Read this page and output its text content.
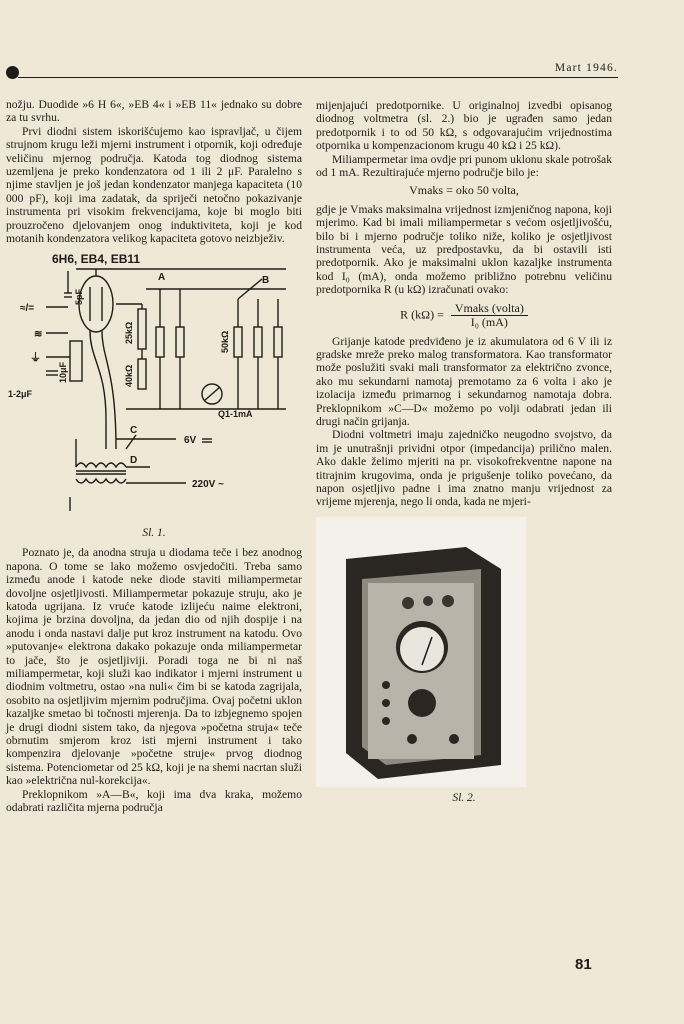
Mart 1946.

nožju. Duodide »6 H 6«, »EB 4« i »EB 11« jednako su dobre za tu svrhu.

Prvi diodni sistem iskorišćujemo kao ispravljač, u čijem strujnom krugu leži mjerni instrument i otpornik, koji određuje veličinu mjernog područja. Katoda tog diodnog sistema uzemljena je preko kondenzatora od 1 ili 2 μF. Paralelno s njime stavljen je još jedan kondenzator manjega kapaciteta (10 000 pF), koji ima zadatak, da spriječi netočno pokazivanje instrumenta pri visokim frekvencijama, koje bi moglo biti prouzročeno djelovanjem onog induktiviteta, koji je kod motanih kondenzatora velikog kapaciteta gotovo neizbježiv.

6H6, EB4, EB11
A	B
5pF
≈/=
≋
10μF
⏚
1-2μF
25kΩ
40kΩ
50kΩ
Q1-1mA
C
6V
D
220V ~
Sl. 1.

Poznato je, da anodna struja u diodama teče i bez anodnog napona. O tome se lako možemo osvjedočiti. Treba samo između anode i katode neke diode staviti miliampermetar dovoljne osjetljivosti. Miliampermetar pokazuje struju, ako je katoda ugrijana. Iz vruće katode izlijeću naime elektroni, kojima je brzina dovoljna, da jedan dio od njih dospije i na anodu i onda nastavi dalje put kroz instrument na katodu. Ovo »putovanje« elektrona dakako pokazuje onda miliampermetar to jače, što je osjetljiviji. Poradi toga ne bi ni naš miliampermetar, koji služi kao indikator i mjerni instrument u diodnim voltmetru, ostao »na nuli« čim bi se katoda zagrijala, osobito na osjetljivim mjernim područjima. Ovaj početni uklon kazaljke smetao bi točnosti mjerenja. Da to izbjegnemo spojen je drugi diodni sistem tako, da njegova »početna struja« teče obrnutim smjerom kroz isti mjerni instrument i tako kompenzira djelovanje »početne struje« prvog diodnog sistema. Potenciometar od 25 kΩ, koji je na shemi nacrtan služi kao »električna nul-korekcija«.

Preklopnikom »A—B«, koji ima dva kraka, možemo odabrati različita mjerna područja

mijenjajući predotpornike. U originalnoj izvedbi opisanog diodnog voltmetra (sl. 2.) bio je ugrađen samo jedan predotpornik i to od 50 kΩ, s odgovarajućim vrijednostima otpornika u kompenzacionom krugu 40 kΩ i 25 kΩ).

Miliampermetar ima ovdje pri punom uklonu skale potrošak od 1 mA. Rezultirajuće mjerno područje bilo je:

Vmaks = oko 50 volta,

gdje je Vmaks maksimalna vrijednost izmjeničnog napona, koji mjerimo. Kad bi imali miliampermetar s većom osjetljivošću, bilo bi i mjerno područje toliko niže, koliko je osjetljivost instrumenta veća, uz predpostavku, da bi ostavili isti predotpornik. Ako je maksimalni uklon kazaljke instrumenta kod I₀ (mA), onda možemo približno potrebnu veličinu predotpornika R (u kΩ) izračunati ovako:

R $(k\Omega) = \frac{\text{Vmaks (volta)}}{\text{I₀ (mA)}}$

Grijanje katode predviđeno je iz akumulatora od 6 V ili iz gradske mreže preko malog transformatora. Kao transformator može poslužiti svaki mali transformator za električno zvonce, ako mu sekundarni namotaj premotamo za 6 volta i ako je izolacija između primarnog i sekundarnog namotaja dobra. Preklopnikom »C—D« možemo po volji odabrati jedan ili drugi način grijanja.

Diodni voltmetri imaju zajedničko neugodno svojstvo, da im je unutrašnji prividni otpor (impedancija) prilično malen. Ako dakle želimo mjeriti na pr. visokofrekventne napone na titrajnim krugovima, onda je prigušenje toliko povećano, da napon osjetljivo padne i ima znatno manju vrijednost za vrijeme mjerenja, nego li onda, kada ne mjeri-

Sl. 2.
81
